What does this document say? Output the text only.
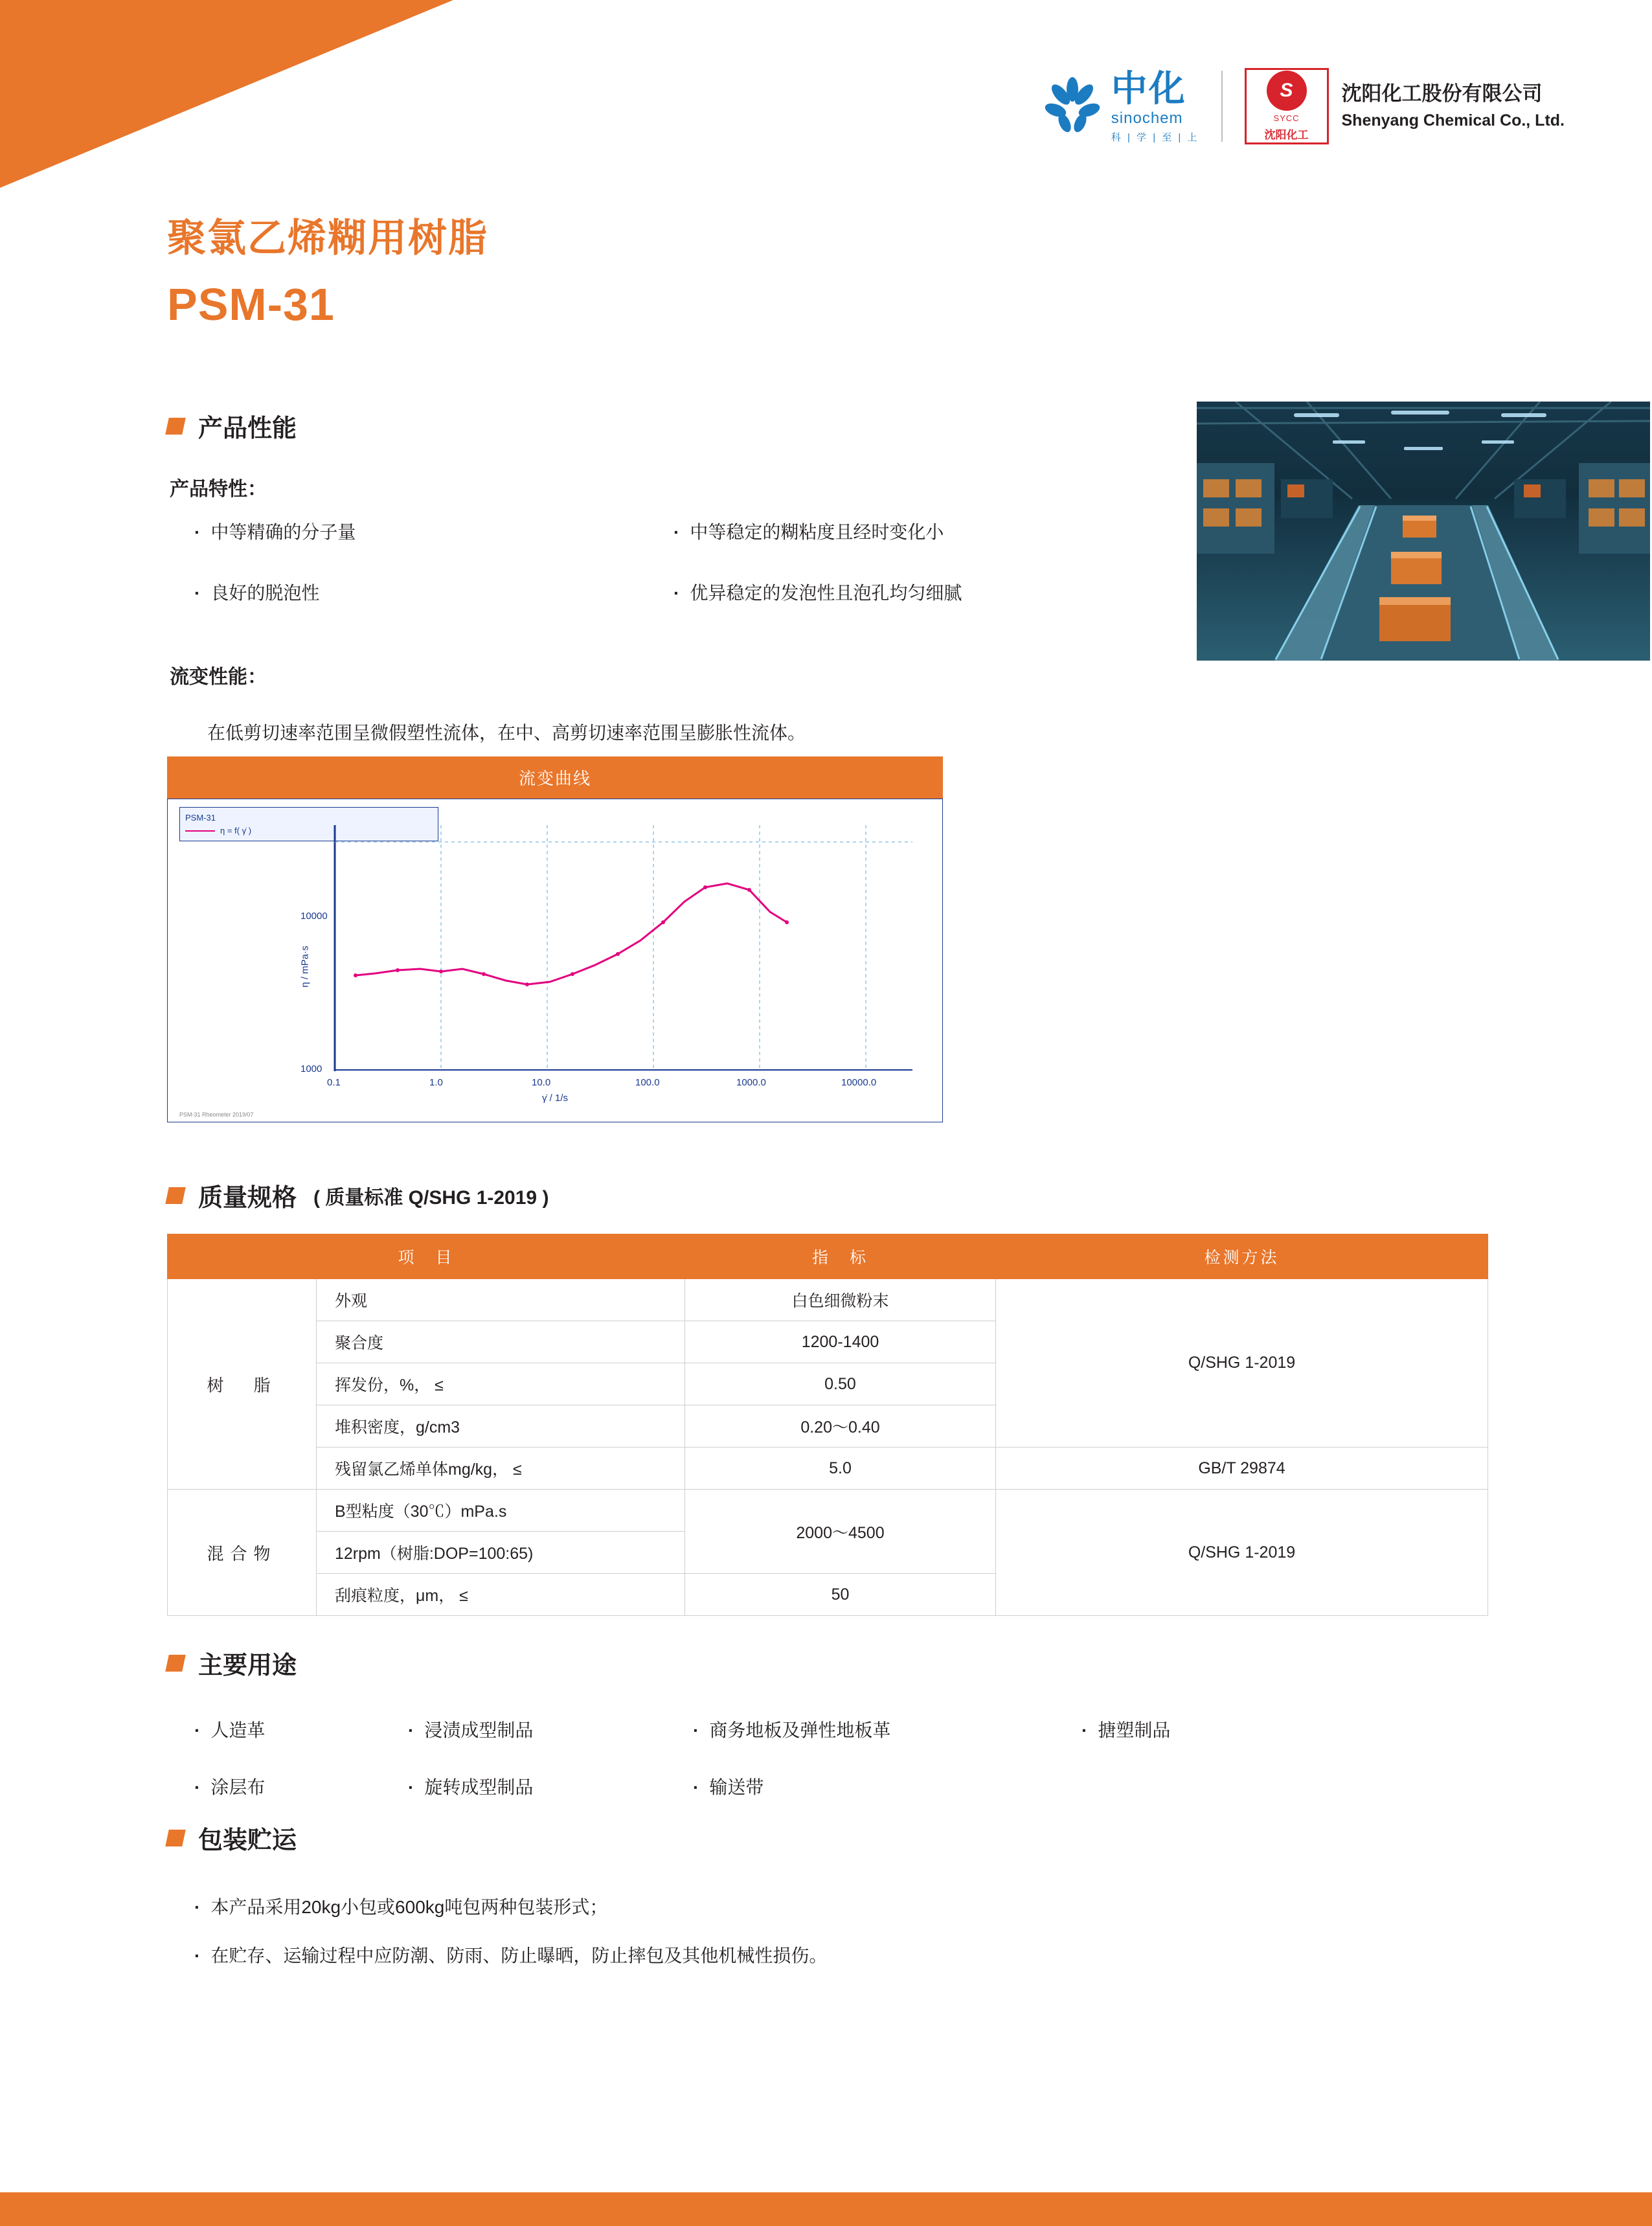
中化
sinochem
科 | 学 | 至 | 上
S
SYCC
沈阳化工
沈阳化工股份有限公司
Shenyang Chemical Co., Ltd.
聚氯乙烯糊用树脂
PSM-31
产品性能
产品特性：
· 中等精确的分子量	· 中等稳定的糊粘度且经时变化小
· 良好的脱泡性	· 优异稳定的发泡性且泡孔均匀细腻
流变性能：
在低剪切速率范围呈微假塑性流体，在中、高剪切速率范围呈膨胀性流体。
流变曲线
PSM-31
η = f( γ̇ )
η / mPa·s
γ̇ / 1/s
10000
1000
0.1	1.0	10.0	100.0	1000.0	10000.0
PSM-31 Rheometer 2019/07
质量规格 ( 质量标准 Q/SHG 1-2019 )
项　目		指　标	检测方法
树　脂	外观	白色细微粉末	Q/SHG 1-2019
	聚合度	1200-1400	
	挥发份，%， ≤	0.50	
	堆积密度，g/cm3	0.20～0.40	
	残留氯乙烯单体mg/kg， ≤	5.0	GB/T 29874
混合物	B型粘度（30℃）mPa.s	2000～4500	Q/SHG 1-2019
	12rpm（树脂:DOP=100:65)		
	刮痕粒度，μm， ≤	50	
主要用途
· 人造革	· 浸渍成型制品	· 商务地板及弹性地板革	· 搪塑制品
· 涂层布	· 旋转成型制品	· 输送带
包装贮运
· 本产品采用20kg小包或600kg吨包两种包装形式；
· 在贮存、运输过程中应防潮、防雨、防止曝晒，防止摔包及其他机械性损伤。
